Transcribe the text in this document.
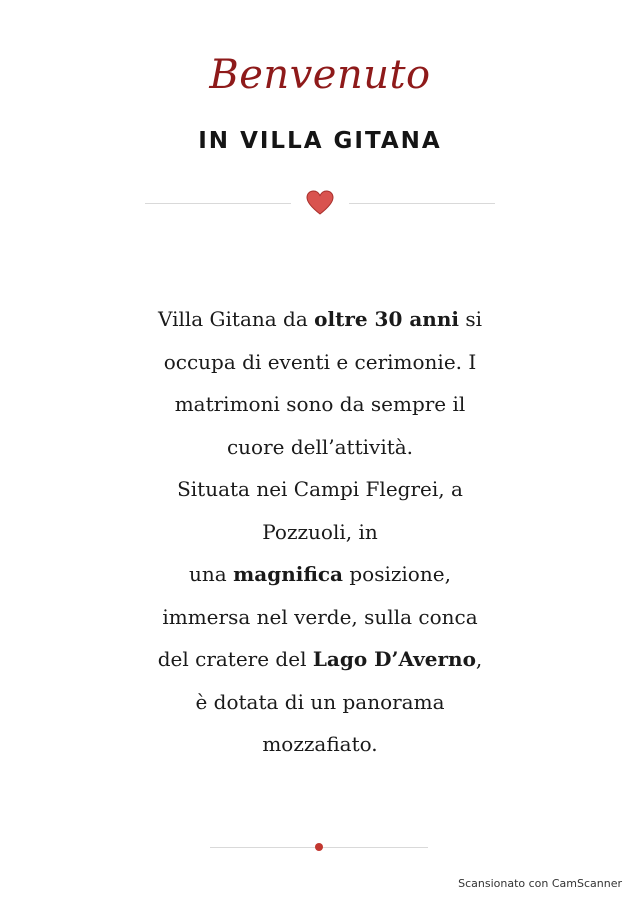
Benvenuto
IN VILLA GITANA

Villa Gitana da oltre 30 anni si occupa di eventi e cerimonie. I matrimoni sono da sempre il cuore dell’attività.

Situata nei Campi Flegrei, a Pozzuoli, in

una magnifica posizione, immersa nel verde, sulla conca del cratere del Lago D’Averno, è dotata di un panorama mozzafiato.

Scansionato con CamScanner
